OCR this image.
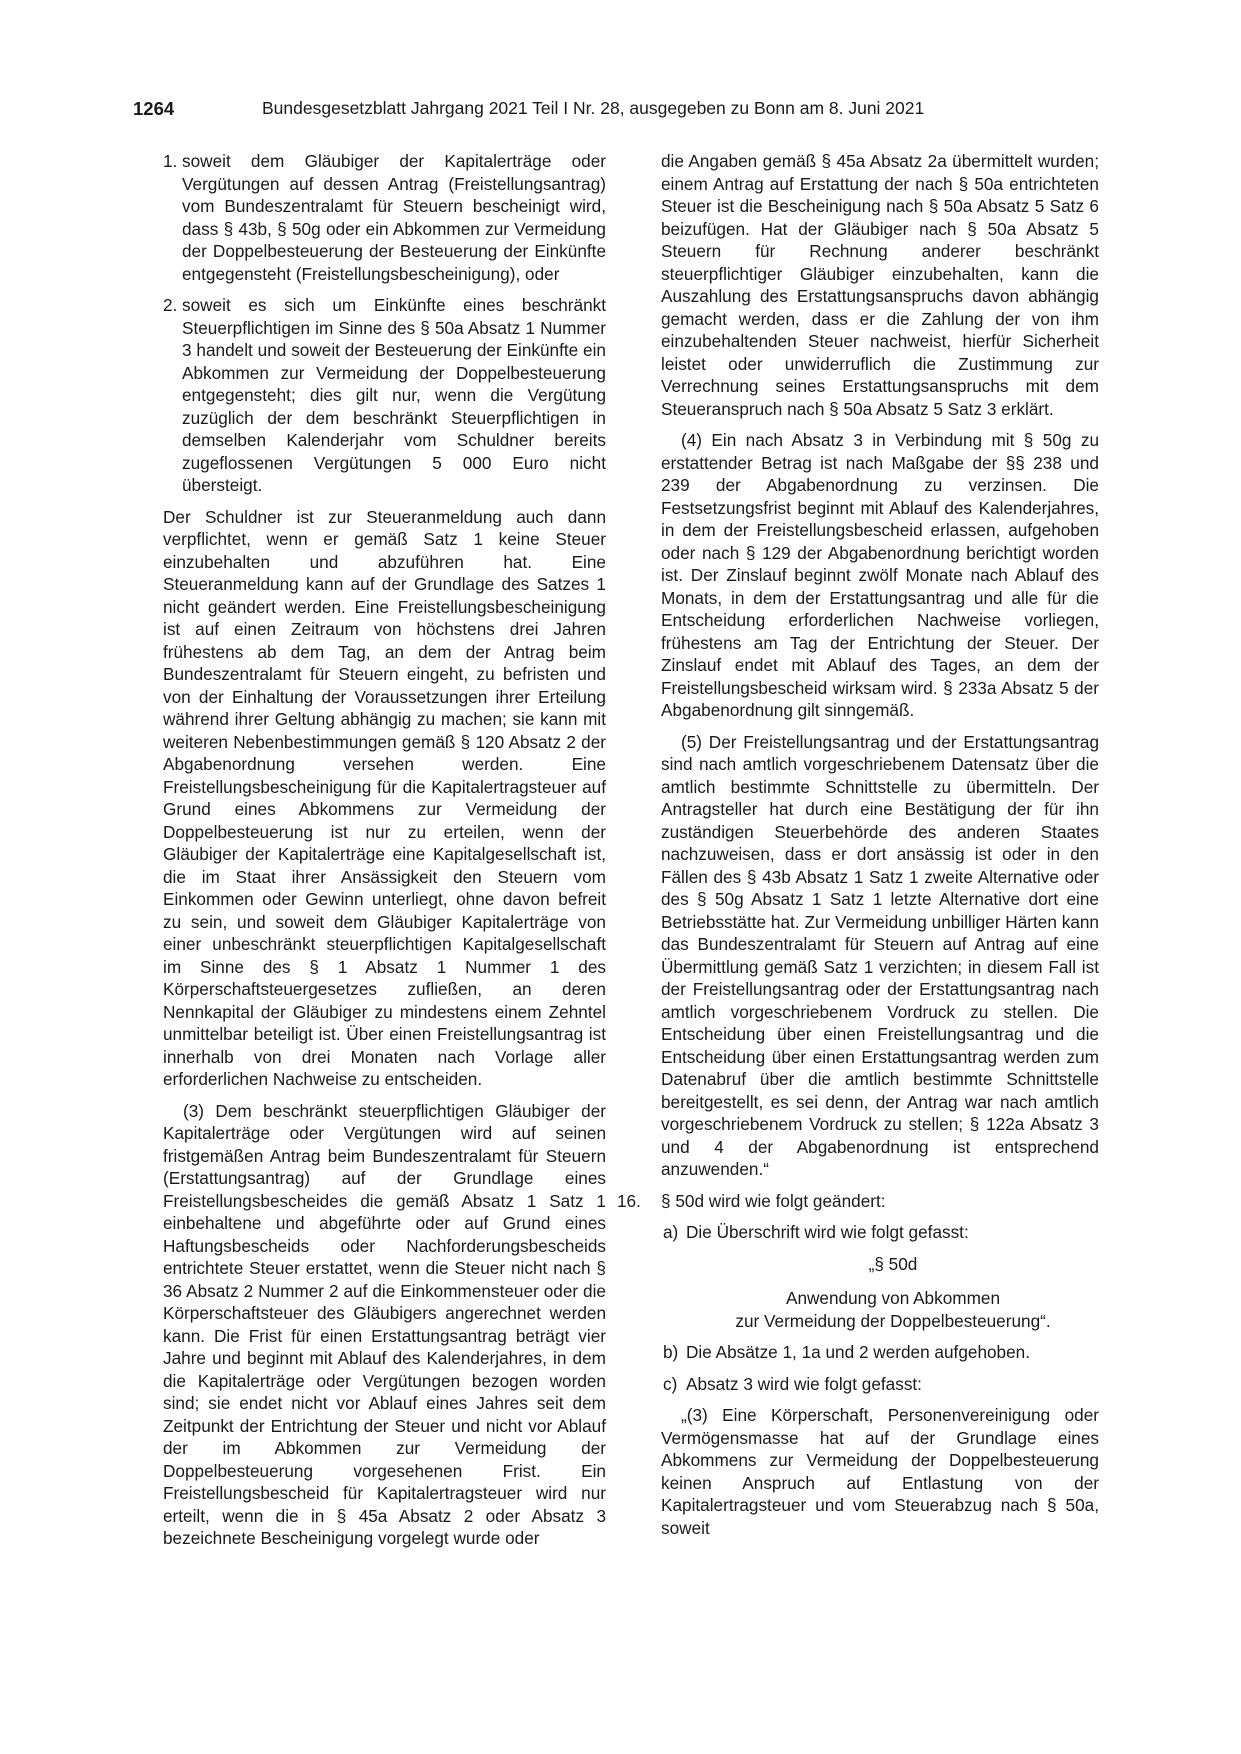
1264	Bundesgesetzblatt Jahrgang 2021 Teil I Nr. 28, ausgegeben zu Bonn am 8. Juni 2021
1. soweit dem Gläubiger der Kapitalerträge oder Vergütungen auf dessen Antrag (Freistellungsantrag) vom Bundeszentralamt für Steuern bescheinigt wird, dass § 43b, § 50g oder ein Abkommen zur Vermeidung der Doppelbesteuerung der Besteuerung der Einkünfte entgegensteht (Freistellungsbescheinigung), oder
2. soweit es sich um Einkünfte eines beschränkt Steuerpflichtigen im Sinne des § 50a Absatz 1 Nummer 3 handelt und soweit der Besteuerung der Einkünfte ein Abkommen zur Vermeidung der Doppelbesteuerung entgegensteht; dies gilt nur, wenn die Vergütung zuzüglich der dem beschränkt Steuerpflichtigen in demselben Kalenderjahr vom Schuldner bereits zugeflossenen Vergütungen 5 000 Euro nicht übersteigt.

Der Schuldner ist zur Steueranmeldung auch dann verpflichtet, wenn er gemäß Satz 1 keine Steuer einzubehalten und abzuführen hat. Eine Steueranmeldung kann auf der Grundlage des Satzes 1 nicht geändert werden. Eine Freistellungsbescheinigung ist auf einen Zeitraum von höchstens drei Jahren frühestens ab dem Tag, an dem der Antrag beim Bundeszentralamt für Steuern eingeht, zu befristen und von der Einhaltung der Voraussetzungen ihrer Erteilung während ihrer Geltung abhängig zu machen; sie kann mit weiteren Nebenbestimmungen gemäß § 120 Absatz 2 der Abgabenordnung versehen werden. Eine Freistellungsbescheinigung für die Kapitalertragsteuer auf Grund eines Abkommens zur Vermeidung der Doppelbesteuerung ist nur zu erteilen, wenn der Gläubiger der Kapitalerträge eine Kapitalgesellschaft ist, die im Staat ihrer Ansässigkeit den Steuern vom Einkommen oder Gewinn unterliegt, ohne davon befreit zu sein, und soweit dem Gläubiger Kapitalerträge von einer unbeschränkt steuerpflichtigen Kapitalgesellschaft im Sinne des § 1 Absatz 1 Nummer 1 des Körperschaftsteuergesetzes zufließen, an deren Nennkapital der Gläubiger zu mindestens einem Zehntel unmittelbar beteiligt ist. Über einen Freistellungsantrag ist innerhalb von drei Monaten nach Vorlage aller erforderlichen Nachweise zu entscheiden.

(3) Dem beschränkt steuerpflichtigen Gläubiger der Kapitalerträge oder Vergütungen wird auf seinen fristgemäßen Antrag beim Bundeszentralamt für Steuern (Erstattungsantrag) auf der Grundlage eines Freistellungsbescheides die gemäß Absatz 1 Satz 1 einbehaltene und abgeführte oder auf Grund eines Haftungsbescheids oder Nachforderungsbescheids entrichtete Steuer erstattet, wenn die Steuer nicht nach § 36 Absatz 2 Nummer 2 auf die Einkommensteuer oder die Körperschaftsteuer des Gläubigers angerechnet werden kann. Die Frist für einen Erstattungsantrag beträgt vier Jahre und beginnt mit Ablauf des Kalenderjahres, in dem die Kapitalerträge oder Vergütungen bezogen worden sind; sie endet nicht vor Ablauf eines Jahres seit dem Zeitpunkt der Entrichtung der Steuer und nicht vor Ablauf der im Abkommen zur Vermeidung der Doppelbesteuerung vorgesehenen Frist. Ein Freistellungsbescheid für Kapitalertragsteuer wird nur erteilt, wenn die in § 45a Absatz 2 oder Absatz 3 bezeichnete Bescheinigung vorgelegt wurde oder

die Angaben gemäß § 45a Absatz 2a übermittelt wurden; einem Antrag auf Erstattung der nach § 50a entrichteten Steuer ist die Bescheinigung nach § 50a Absatz 5 Satz 6 beizufügen. Hat der Gläubiger nach § 50a Absatz 5 Steuern für Rechnung anderer beschränkt steuerpflichtiger Gläubiger einzubehalten, kann die Auszahlung des Erstattungsanspruchs davon abhängig gemacht werden, dass er die Zahlung der von ihm einzubehaltenden Steuer nachweist, hierfür Sicherheit leistet oder unwiderruflich die Zustimmung zur Verrechnung seines Erstattungsanspruchs mit dem Steueranspruch nach § 50a Absatz 5 Satz 3 erklärt.

(4) Ein nach Absatz 3 in Verbindung mit § 50g zu erstattender Betrag ist nach Maßgabe der §§ 238 und 239 der Abgabenordnung zu verzinsen. Die Festsetzungsfrist beginnt mit Ablauf des Kalenderjahres, in dem der Freistellungsbescheid erlassen, aufgehoben oder nach § 129 der Abgabenordnung berichtigt worden ist. Der Zinslauf beginnt zwölf Monate nach Ablauf des Monats, in dem der Erstattungsantrag und alle für die Entscheidung erforderlichen Nachweise vorliegen, frühestens am Tag der Entrichtung der Steuer. Der Zinslauf endet mit Ablauf des Tages, an dem der Freistellungsbescheid wirksam wird. § 233a Absatz 5 der Abgabenordnung gilt sinngemäß.

(5) Der Freistellungsantrag und der Erstattungsantrag sind nach amtlich vorgeschriebenem Datensatz über die amtlich bestimmte Schnittstelle zu übermitteln. Der Antragsteller hat durch eine Bestätigung der für ihn zuständigen Steuerbehörde des anderen Staates nachzuweisen, dass er dort ansässig ist oder in den Fällen des § 43b Absatz 1 Satz 1 zweite Alternative oder des § 50g Absatz 1 Satz 1 letzte Alternative dort eine Betriebsstätte hat. Zur Vermeidung unbilliger Härten kann das Bundeszentralamt für Steuern auf Antrag auf eine Übermittlung gemäß Satz 1 verzichten; in diesem Fall ist der Freistellungsantrag oder der Erstattungsantrag nach amtlich vorgeschriebenem Vordruck zu stellen. Die Entscheidung über einen Freistellungsantrag und die Entscheidung über einen Erstattungsantrag werden zum Datenabruf über die amtlich bestimmte Schnittstelle bereitgestellt, es sei denn, der Antrag war nach amtlich vorgeschriebenem Vordruck zu stellen; § 122a Absatz 3 und 4 der Abgabenordnung ist entsprechend anzuwenden.“

16. § 50d wird wie folgt geändert:
a) Die Überschrift wird wie folgt gefasst:
„§ 50d
Anwendung von Abkommen
zur Vermeidung der Doppelbesteuerung“.
b) Die Absätze 1, 1a und 2 werden aufgehoben.
c) Absatz 3 wird wie folgt gefasst:

„(3) Eine Körperschaft, Personenvereinigung oder Vermögensmasse hat auf der Grundlage eines Abkommens zur Vermeidung der Doppelbesteuerung keinen Anspruch auf Entlastung von der Kapitalertragsteuer und vom Steuerabzug nach § 50a, soweit
